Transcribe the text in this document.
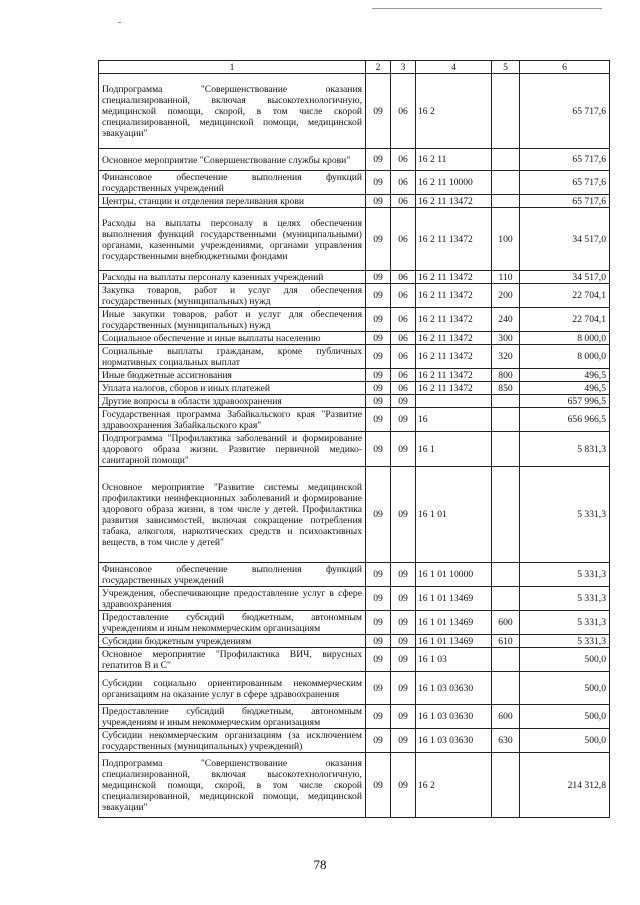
1	2	3	4	5	6
Подпрограмма "Совершенствование оказания специализированной, включая высокотехнологичную, медицинской помощи, скорой, в том числе скорой специализированной, медицинской помощи, медицинской эвакуации"	09	06	16 2		65 717,6
Основное мероприятие "Совершенствование службы крови"	09	06	16 2 11		65 717,6
Финансовое обеспечение выполнения функций государственных учреждений	09	06	16 2 11 10000		65 717,6
Центры, станции и отделения переливания крови	09	06	16 2 11 13472		65 717,6
Расходы на выплаты персоналу в целях обеспечения выполнения функций государственными (муниципальными) органами, казенными учреждениями, органами управления государственными внебюджетными фондами	09	06	16 2 11 13472	100	34 517,0
Расходы на выплаты персоналу казенных учреждений	09	06	16 2 11 13472	110	34 517,0
Закупка товаров, работ и услуг для обеспечения государственных (муниципальных) нужд	09	06	16 2 11 13472	200	22 704,1
Иные закупки товаров, работ и услуг для обеспечения государственных (муниципальных) нужд	09	06	16 2 11 13472	240	22 704,1
Социальное обеспечение и иные выплаты населению	09	06	16 2 11 13472	300	8 000,0
Социальные выплаты гражданам, кроме публичных нормативных социальных выплат	09	06	16 2 11 13472	320	8 000,0
Иные бюджетные ассигнования	09	06	16 2 11 13472	800	496,5
Уплата налогов, сборов и иных платежей	09	06	16 2 11 13472	850	496,5
Другие вопросы в области здравоохранения	09	09			657 996,5
Государственная программа Забайкальского края "Развитие здравоохранения Забайкальского края"	09	09	16		656 966,5
Подпрограмма "Профилактика заболеваний и формирование здорового образа жизни. Развитие первичной медико-санитарной помощи"	09	09	16 1		5 831,3
Основное мероприятие "Развитие системы медицинской профилактики неинфекционных заболеваний и формирование здорового образа жизни, в том числе у детей. Профилактика развития зависимостей, включая сокращение потребления табака, алкоголя, наркотических средств и психоактивных веществ, в том числе у детей"	09	09	16 1 01		5 331,3
Финансовое обеспечение выполнения функций государственных учреждений	09	09	16 1 01 10000		5 331,3
Учреждения, обеспечивающие предоставление услуг в сфере здравоохранения	09	09	16 1 01 13469		5 331,3
Предоставление субсидий бюджетным, автономным учреждениям и иным некоммерческим организациям	09	09	16 1 01 13469	600	5 331,3
Субсидии бюджетным учреждениям	09	09	16 1 01 13469	610	5 331,3
Основное мероприятие "Профилактика ВИЧ, вирусных гепатитов В и С"	09	09	16 1 03		500,0
Субсидии социально ориентированным некоммерческим организациям на оказание услуг в сфере здравоохранения	09	09	16 1 03 03630		500,0
Предоставление субсидий бюджетным, автономным учреждениям и иным некоммерческим организациям	09	09	16 1 03 03630	600	500,0
Субсидии некоммерческим организациям (за исключением государственных (муниципальных) учреждений)	09	09	16 1 03 03630	630	500,0
Подпрограмма "Совершенствование оказания специализированной, включая высокотехнологичную, медицинской помощи, скорой, в том числе скорой специализированной, медицинской помощи, медицинской эвакуации"	09	09	16 2		214 312,8
78
